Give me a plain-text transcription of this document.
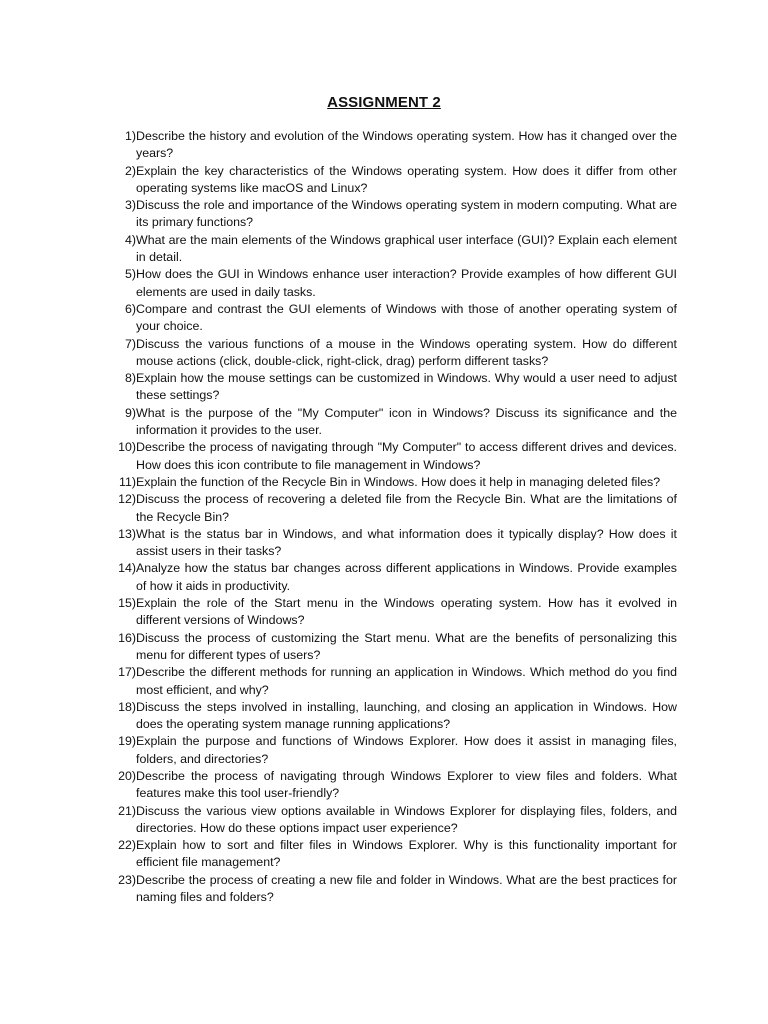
ASSIGNMENT 2
1) Describe the history and evolution of the Windows operating system. How has it changed over the years?
2) Explain the key characteristics of the Windows operating system. How does it differ from other operating systems like macOS and Linux?
3) Discuss the role and importance of the Windows operating system in modern computing. What are its primary functions?
4) What are the main elements of the Windows graphical user interface (GUI)? Explain each element in detail.
5) How does the GUI in Windows enhance user interaction? Provide examples of how different GUI elements are used in daily tasks.
6) Compare and contrast the GUI elements of Windows with those of another operating system of your choice.
7) Discuss the various functions of a mouse in the Windows operating system. How do different mouse actions (click, double-click, right-click, drag) perform different tasks?
8) Explain how the mouse settings can be customized in Windows. Why would a user need to adjust these settings?
9) What is the purpose of the "My Computer" icon in Windows? Discuss its significance and the information it provides to the user.
10) Describe the process of navigating through "My Computer" to access different drives and devices. How does this icon contribute to file management in Windows?
11) Explain the function of the Recycle Bin in Windows. How does it help in managing deleted files?
12) Discuss the process of recovering a deleted file from the Recycle Bin. What are the limitations of the Recycle Bin?
13) What is the status bar in Windows, and what information does it typically display? How does it assist users in their tasks?
14) Analyze how the status bar changes across different applications in Windows. Provide examples of how it aids in productivity.
15) Explain the role of the Start menu in the Windows operating system. How has it evolved in different versions of Windows?
16) Discuss the process of customizing the Start menu. What are the benefits of personalizing this menu for different types of users?
17) Describe the different methods for running an application in Windows. Which method do you find most efficient, and why?
18) Discuss the steps involved in installing, launching, and closing an application in Windows. How does the operating system manage running applications?
19) Explain the purpose and functions of Windows Explorer. How does it assist in managing files, folders, and directories?
20) Describe the process of navigating through Windows Explorer to view files and folders. What features make this tool user-friendly?
21) Discuss the various view options available in Windows Explorer for displaying files, folders, and directories. How do these options impact user experience?
22) Explain how to sort and filter files in Windows Explorer. Why is this functionality important for efficient file management?
23) Describe the process of creating a new file and folder in Windows. What are the best practices for naming files and folders?
